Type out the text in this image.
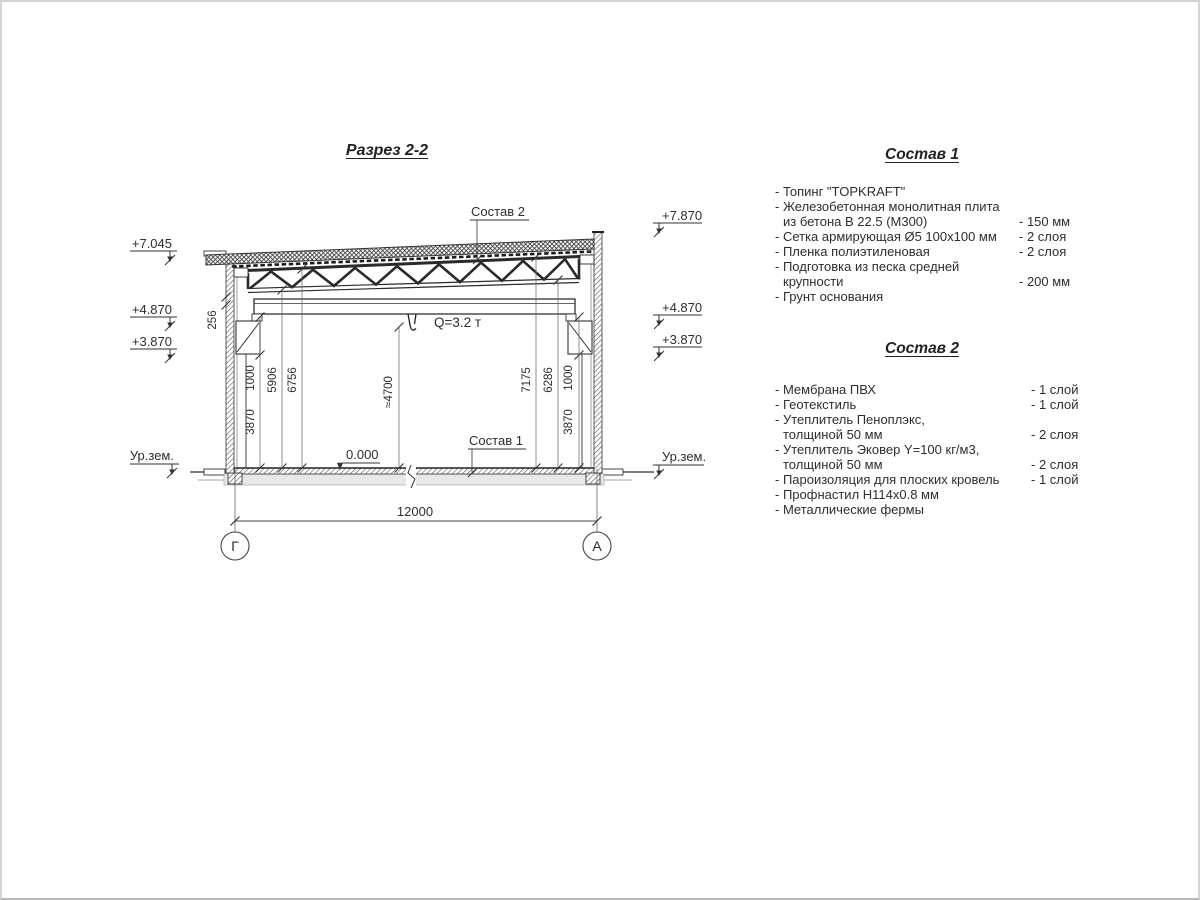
Разрез 2-2
Q=3.2 т
256
1000
3870
5906 6756	≈4700	7175 6286 1000
3870
+7.045
+4.870
+3.870
Ур.зем.
+7.870
+4.870
+3.870
Ур.зем.
Состав 2
Состав 1
0.000
12000
Г	А
Состав 1
- Топинг "TOPKRAFT"
- Железобетонная монолитная плита
из бетона В 22.5 (М300)	- 150 мм
- Сетка армирующая Ø5 100x100 мм	- 2 слоя
- Пленка полиэтиленовая	- 2 слоя
- Подготовка из песка средней
крупности	- 200 мм
- Грунт основания
Состав 2
- Мембрана ПВХ	- 1 слой
- Геотекстиль	- 1 слой
- Утеплитель Пеноплэкс,
толщиной 50 мм	- 2 слоя
- Утеплитель Эковер Y=100 кг/м3,
толщиной 50 мм	- 2 слоя
- Пароизоляция для плоских кровель	- 1 слой
- Профнастил Н114х0.8 мм
- Металлические фермы
